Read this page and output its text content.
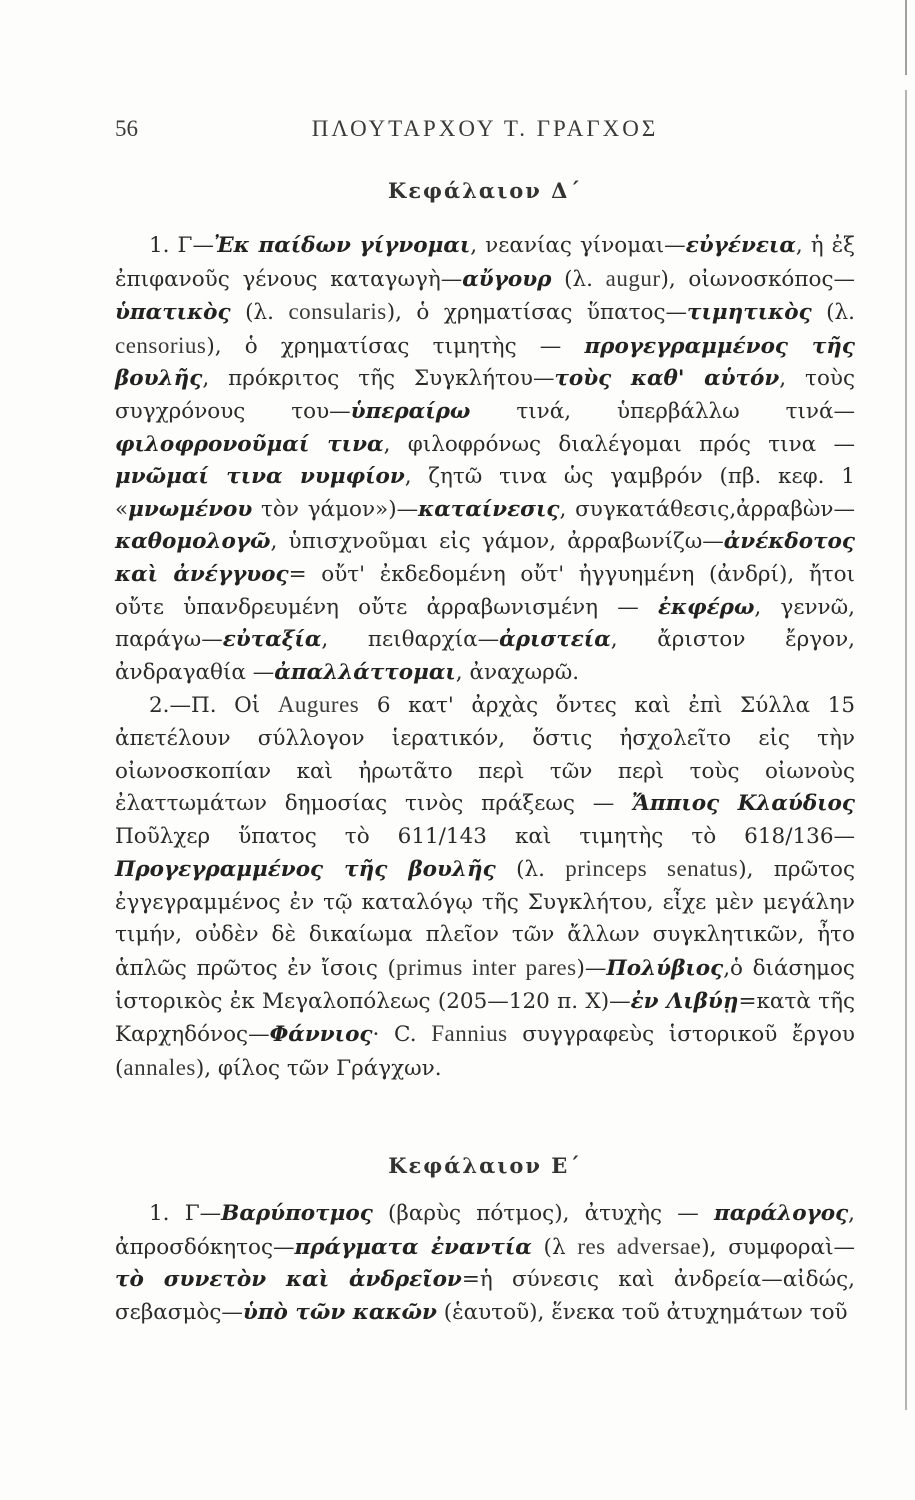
56	ΠΛΟΥΤΑΡΧΟΥ Τ. ΓΡΑΓΧΟΣ
Κεφάλαιον Δ΄

1. Γ—Ἐκ παίδων γίγνομαι, νεανίας γίνομαι—εὐγένεια, ἡ ἐξ ἐπιφανοῦς γένους καταγωγὴ—αὔγουρ (λ. augur), οἰωνοσκόπος—ὑπατικὸς (λ. consularis), ὁ χρηματίσας ὕπατος—τιμητικὸς (λ. censorius), ὁ χρηματίσας τιμητὴς — προγεγραμμένος τῆς βουλῆς, πρόκριτος τῆς Συγκλήτου—τοὺς καθ' αὑτόν, τοὺς συγχρόνους του—ὑπεραίρω τινά, ὑπερβάλλω τινά—φιλοφρονοῦμαί τινα, φιλοφρόνως διαλέγομαι πρός τινα — μνῶμαί τινα νυμφίον, ζητῶ τινα ὡς γαμβρόν (πβ. κεφ. 1 «μνωμένου τὸν γάμον»)—καταίνεσις, συγκατάθεσις,ἀρραβὼν—καθομολογῶ, ὑπισχνοῦμαι εἰς γάμον, ἀρραβωνίζω—ἀνέκδοτος καὶ ἀνέγγυος= οὔτ' ἐκδεδομένη οὔτ' ἠγγυημένη (ἀνδρί), ἤτοι οὔτε ὑπανδρευμένη οὔτε ἀρραβωνισμένη — ἐκφέρω, γεννῶ, παράγω—εὐταξία, πειθαρχία—ἀριστεία, ἄριστον ἔργον, ἀνδραγαθία —ἀπαλλάττομαι, ἀναχωρῶ.

2.—Π. Οἱ Augures 6 κατ' ἀρχὰς ὄντες καὶ ἐπὶ Σύλλα 15 ἀπετέλουν σύλλογον ἱερατικόν, ὅστις ἠσχολεῖτο εἰς τὴν οἰωνοσκοπίαν καὶ ἠρωτᾶτο περὶ τῶν περὶ τοὺς οἰωνοὺς ἐλαττωμάτων δημοσίας τινὸς πράξεως — Ἄππιος Κλαύδιος Ποῦλχερ ὕπατος τὸ 611/143 καὶ τιμητὴς τὸ 618/136—Προγεγραμμένος τῆς βουλῆς (λ. princeps senatus), πρῶτος ἐγγεγραμμένος ἐν τῷ καταλόγῳ τῆς Συγκλήτου, εἶχε μὲν μεγάλην τιμήν, οὐδὲν δὲ δικαίωμα πλεῖον τῶν ἄλλων συγκλητικῶν, ἦτο ἁπλῶς πρῶτος ἐν ἴσοις (primus inter pares)—Πολύβιος,ὁ διάσημος ἱστορικὸς ἐκ Μεγαλοπόλεως (205—120 π. Χ)—ἐν Λιβύῃ=κατὰ τῆς Καρχηδόνος—Φάννιος· C. Fannius συγγραφεὺς ἱστορικοῦ ἔργου (annales), φίλος τῶν Γράγχων.

Κεφάλαιον Ε΄

1. Γ—Βαρύποτμος (βαρὺς πότμος), ἀτυχὴς — παράλογος, ἀπροσδόκητος—πράγματα ἐναντία (λ res adversae), συμφοραὶ—τὸ συνετὸν καὶ ἀνδρεῖον=ἡ σύνεσις καὶ ἀνδρεία—αἰδώς, σεβασμὸς—ὑπὸ τῶν κακῶν (ἑαυτοῦ), ἕνεκα τοῦ ἀτυχημάτων τοῦ
